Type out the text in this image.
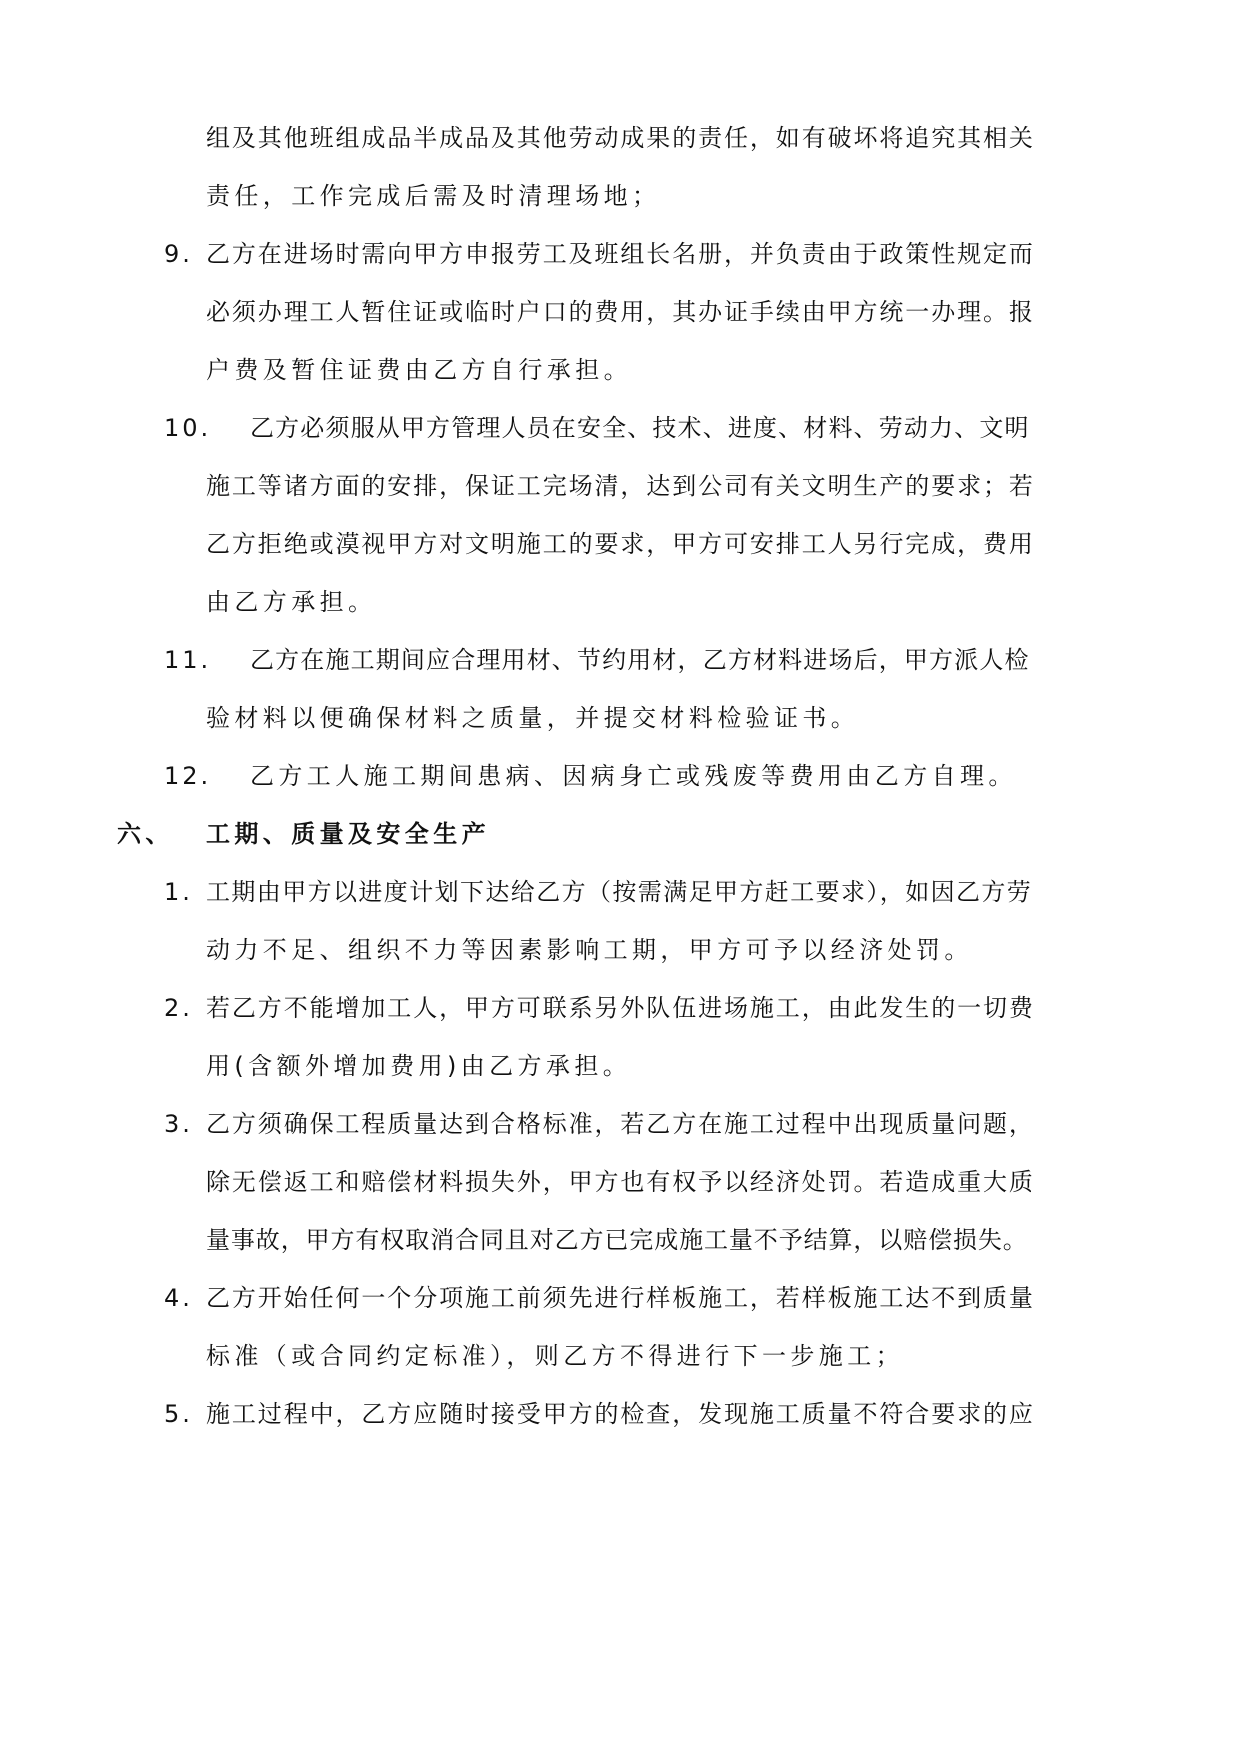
组及其他班组成品半成品及其他劳动成果的责任，如有破坏将追究其相关
责任，工作完成后需及时清理场地；
9. 乙方在进场时需向甲方申报劳工及班组长名册，并负责由于政策性规定而
必须办理工人暂住证或临时户口的费用，其办证手续由甲方统一办理。报
户费及暂住证费由乙方自行承担。
10. 乙方必须服从甲方管理人员在安全、技术、进度、材料、劳动力、文明
施工等诸方面的安排，保证工完场清，达到公司有关文明生产的要求；若
乙方拒绝或漠视甲方对文明施工的要求，甲方可安排工人另行完成，费用
由乙方承担。
11. 乙方在施工期间应合理用材、节约用材，乙方材料进场后，甲方派人检
验材料以便确保材料之质量，并提交材料检验证书。
12. 乙方工人施工期间患病、因病身亡或残废等费用由乙方自理。
六、 工期、质量及安全生产
1. 工期由甲方以进度计划下达给乙方（按需满足甲方赶工要求），如因乙方劳
动力不足、组织不力等因素影响工期，甲方可予以经济处罚。
2. 若乙方不能增加工人，甲方可联系另外队伍进场施工，由此发生的一切费
用(含额外增加费用)由乙方承担。
3. 乙方须确保工程质量达到合格标准，若乙方在施工过程中出现质量问题，
除无偿返工和赔偿材料损失外，甲方也有权予以经济处罚。若造成重大质
量事故，甲方有权取消合同且对乙方已完成施工量不予结算，以赔偿损失。
4. 乙方开始任何一个分项施工前须先进行样板施工，若样板施工达不到质量
标准（或合同约定标准），则乙方不得进行下一步施工；
5. 施工过程中，乙方应随时接受甲方的检查，发现施工质量不符合要求的应
